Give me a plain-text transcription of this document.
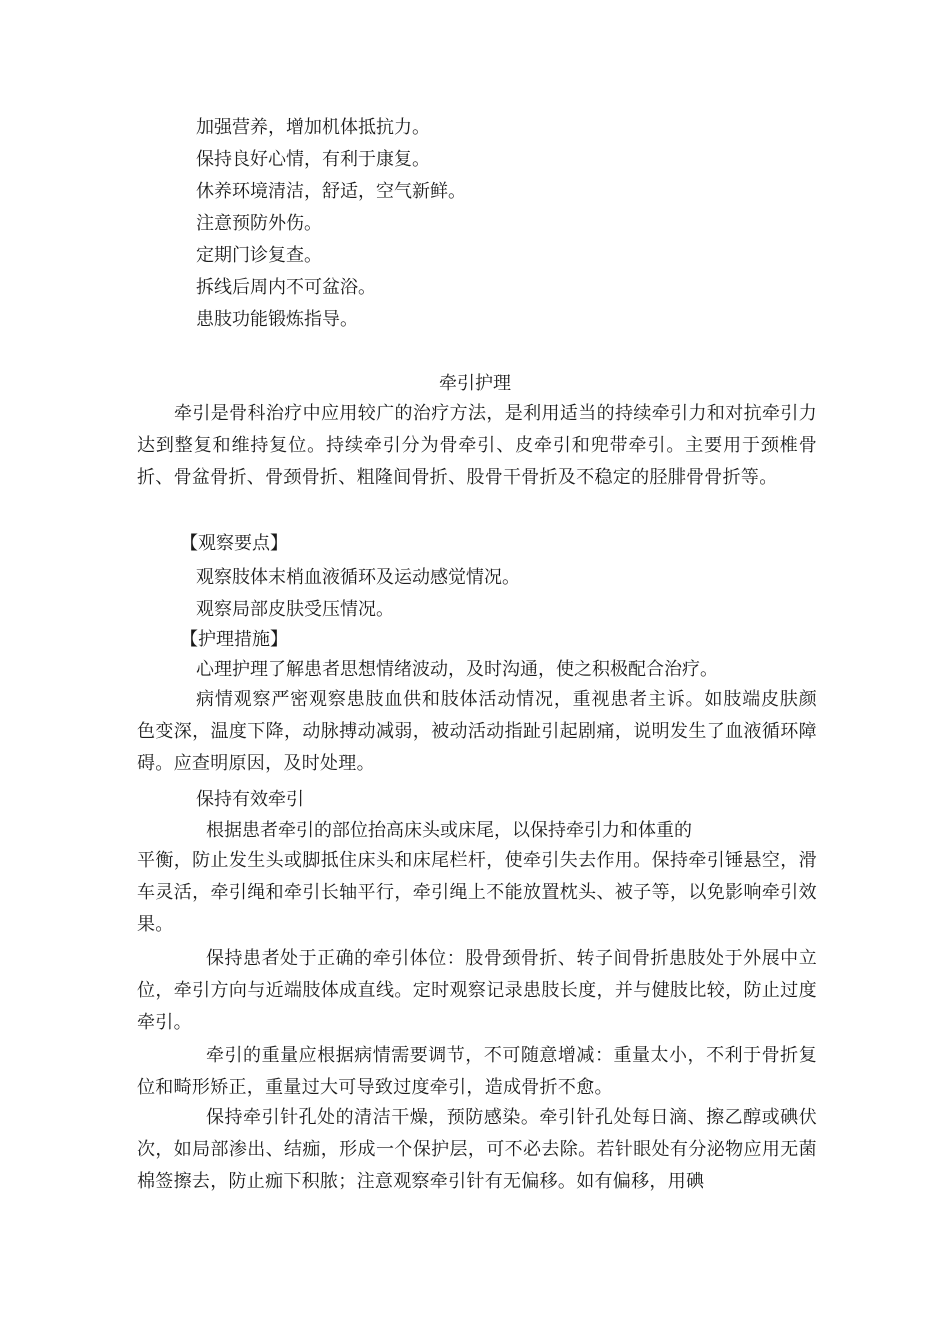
加强营养，增加机体抵抗力。

保持良好心情，有利于康复。

休养环境清洁，舒适，空气新鲜。

注意预防外伤。

定期门诊复查。

拆线后周内不可盆浴。

患肢功能锻炼指导。

牵引护理

牵引是骨科治疗中应用较广的治疗方法，是利用适当的持续牵引力和对抗牵引力达到整复和维持复位。持续牵引分为骨牵引、皮牵引和兜带牵引。主要用于颈椎骨折、骨盆骨折、骨颈骨折、粗隆间骨折、股骨干骨折及不稳定的胫腓骨骨折等。

【观察要点】

观察肢体末梢血液循环及运动感觉情况。

观察局部皮肤受压情况。

【护理措施】

心理护理了解患者思想情绪波动，及时沟通，使之积极配合治疗。

病情观察严密观察患肢血供和肢体活动情况，重视患者主诉。如肢端皮肤颜色变深，温度下降，动脉搏动减弱，被动活动指趾引起剧痛，说明发生了血液循环障碍。应查明原因，及时处理。

保持有效牵引

根据患者牵引的部位抬高床头或床尾，以保持牵引力和体重的

平衡，防止发生头或脚抵住床头和床尾栏杆，使牵引失去作用。保持牵引锤悬空，滑车灵活，牵引绳和牵引长轴平行，牵引绳上不能放置枕头、被子等，以免影响牵引效果。

保持患者处于正确的牵引体位：股骨颈骨折、转子间骨折患肢处于外展中立位，牵引方向与近端肢体成直线。定时观察记录患肢长度，并与健肢比较，防止过度牵引。

牵引的重量应根据病情需要调节，不可随意增减：重量太小，不利于骨折复位和畸形矫正，重量过大可导致过度牵引，造成骨折不愈。

保持牵引针孔处的清洁干燥，预防感染。牵引针孔处每日滴、擦乙醇或碘伏次，如局部渗出、结痂，形成一个保护层，可不必去除。若针眼处有分泌物应用无菌棉签擦去，防止痂下积脓；注意观察牵引针有无偏移。如有偏移，用碘
